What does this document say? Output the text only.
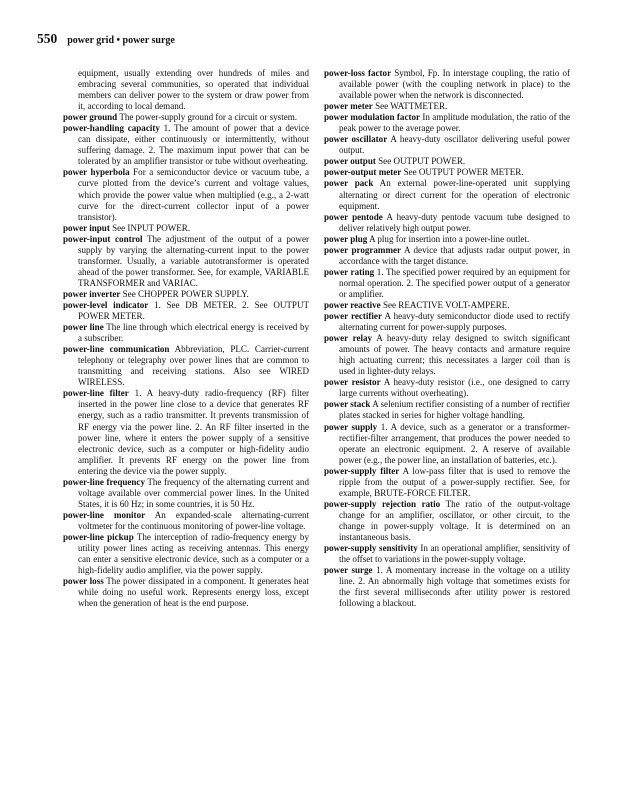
550 power grid • power surge

equipment, usually extending over hundreds of miles and embracing several communities, so operated that individual members can deliver power to the system or draw power from it, according to local demand.

power ground The power-supply ground for a circuit or system.

power-handling capacity 1. The amount of power that a device can dissipate, either continuously or intermittently, without suffering damage. 2. The maximum input power that can be tolerated by an amplifier transistor or tube without overheating.

power hyperbola For a semiconductor device or vacuum tube, a curve plotted from the device’s current and voltage values, which provide the power value when multiplied (e.g., a 2-watt curve for the direct-current collector input of a power transistor).

power input See INPUT POWER.

power-input control The adjustment of the output of a power supply by varying the alternating-current input to the power transformer. Usually, a variable autotransformer is operated ahead of the power transformer. See, for example, VARIABLE TRANSFORMER and VARIAC.

power inverter See CHOPPER POWER SUPPLY.

power-level indicator 1. See DB METER. 2. See OUTPUT POWER METER.

power line The line through which electrical energy is received by a subscriber.

power-line communication Abbreviation, PLC. Carrier-current telephony or telegraphy over power lines that are common to transmitting and receiving stations. Also see WIRED WIRELESS.

power-line filter 1. A heavy-duty radio-frequency (RF) filter inserted in the power line close to a device that generates RF energy, such as a radio transmitter. It prevents transmission of RF energy via the power line. 2. An RF filter inserted in the power line, where it enters the power supply of a sensitive electronic device, such as a computer or high-fidelity audio amplifier. It prevents RF energy on the power line from entering the device via the power supply.

power-line frequency The frequency of the alternating current and voltage available over commercial power lines. In the United States, it is 60 Hz; in some countries, it is 50 Hz.

power-line monitor An expanded-scale alternating-current voltmeter for the continuous monitoring of power-line voltage.

power-line pickup The interception of radio-frequency energy by utility power lines acting as receiving antennas. This energy can enter a sensitive electronic device, such as a computer or a high-fidelity audio amplifier, via the power supply.

power loss The power dissipated in a component. It generates heat while doing no useful work. Represents energy loss, except when the generation of heat is the end purpose.

power-loss factor Symbol, Fp. In interstage coupling, the ratio of available power (with the coupling network in place) to the available power when the network is disconnected.

power meter See WATTMETER.

power modulation factor In amplitude modulation, the ratio of the peak power to the average power.

power oscillator A heavy-duty oscillator delivering useful power output.

power output See OUTPUT POWER.

power-output meter See OUTPUT POWER METER.

power pack An external power-line-operated unit supplying alternating or direct current for the operation of electronic equipment.

power pentode A heavy-duty pentode vacuum tube designed to deliver relatively high output power.

power plug A plug for insertion into a power-line outlet.

power programmer A device that adjusts radar output power, in accordance with the target distance.

power rating 1. The specified power required by an equipment for normal operation. 2. The specified power output of a generator or amplifier.

power reactive See REACTIVE VOLT-AMPERE.

power rectifier A heavy-duty semiconductor diode used to rectify alternating current for power-supply purposes.

power relay A heavy-duty relay designed to switch significant amounts of power. The heavy contacts and armature require high actuating current; this necessitates a larger coil than is used in lighter-duty relays.

power resistor A heavy-duty resistor (i.e., one designed to carry large currents without overheating).

power stack A selenium rectifier consisting of a number of rectifier plates stacked in series for higher voltage handling.

power supply 1. A device, such as a generator or a transformer-rectifier-filter arrangement, that produces the power needed to operate an electronic equipment. 2. A reserve of available power (e.g., the power line, an installation of batteries, etc.).

power-supply filter A low-pass filter that is used to remove the ripple from the output of a power-supply rectifier. See, for example, BRUTE-FORCE FILTER.

power-supply rejection ratio The ratio of the output-voltage change for an amplifier, oscillator, or other circuit, to the change in power-supply voltage. It is determined on an instantaneous basis.

power-supply sensitivity In an operational amplifier, sensitivity of the offset to variations in the power-supply voltage.

power surge 1. A momentary increase in the voltage on a utility line. 2. An abnormally high voltage that sometimes exists for the first several milliseconds after utility power is restored following a blackout.
